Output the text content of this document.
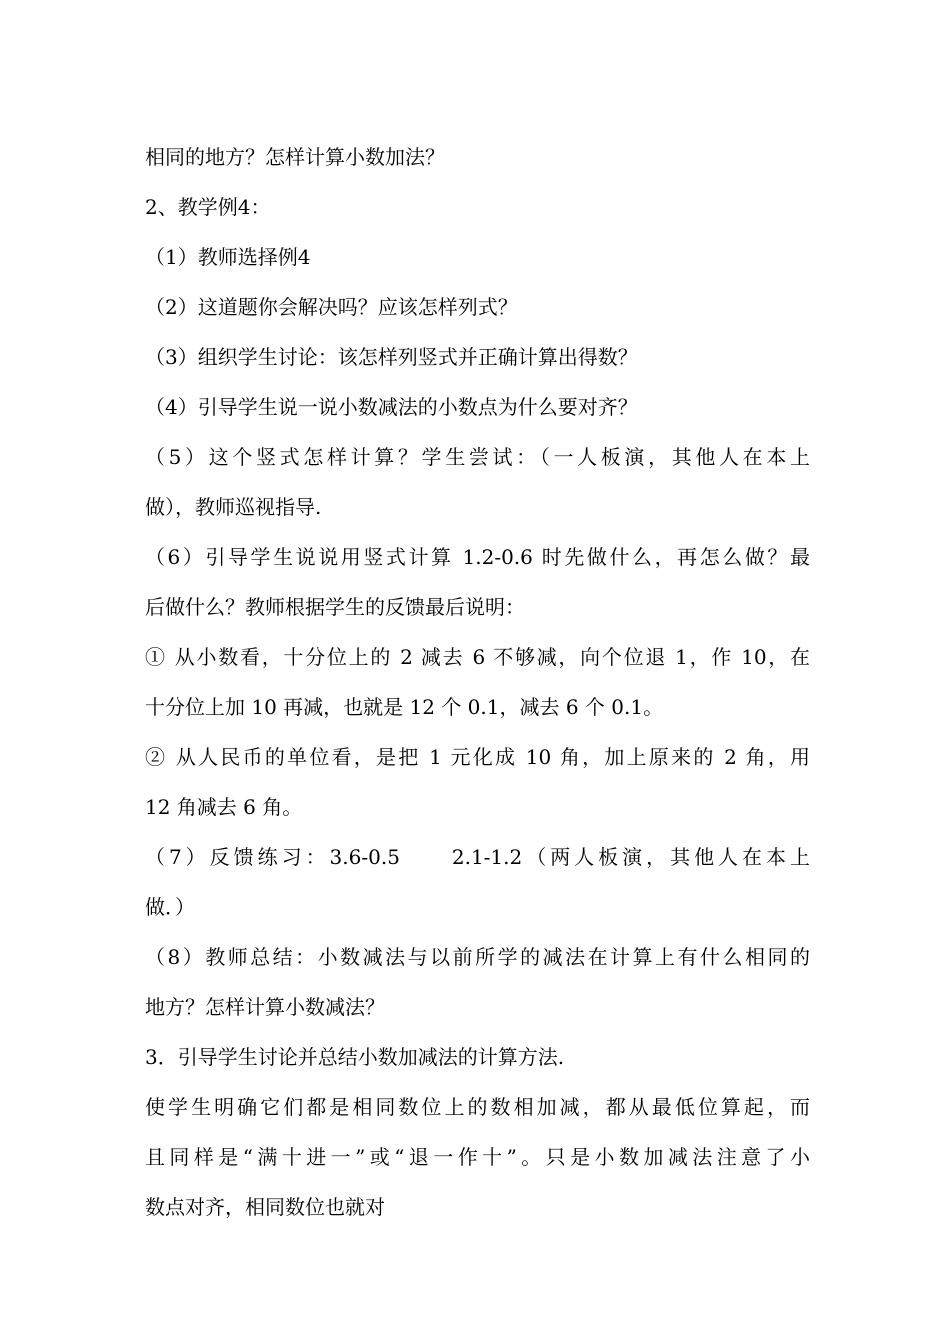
相同的地方？怎样计算小数加法？
2、教学例4：
（1）教师选择例4
（2）这道题你会解决吗？应该怎样列式？
（3）组织学生讨论：该怎样列竖式并正确计算出得数？
（4）引导学生说一说小数减法的小数点为什么要对齐？
（5）这个竖式怎样计算？学生尝试：（一人板演，其他人在本上
做），教师巡视指导.
（6）引导学生说说用竖式计算 1.2-0.6 时先做什么，再怎么做？最
后做什么？教师根据学生的反馈最后说明：
① 从小数看，十分位上的 2 减去 6 不够减，向个位退 1，作 10，在
十分位上加 10 再减，也就是 12 个 0.1，减去 6 个 0.1。
② 从人民币的单位看，是把 1 元化成 10 角，加上原来的 2 角，用
12 角减去 6 角。
（7）反馈练习：3.6-0.5　　2.1-1.2（两人板演，其他人在本上
做．）
（8）教师总结：小数减法与以前所学的减法在计算上有什么相同的
地方？怎样计算小数减法？
3．引导学生讨论并总结小数加减法的计算方法.
使学生明确它们都是相同数位上的数相加减，都从最低位算起，而
且同样是“满十进一”或“退一作十”。只是小数加减法注意了小
数点对齐，相同数位也就对
